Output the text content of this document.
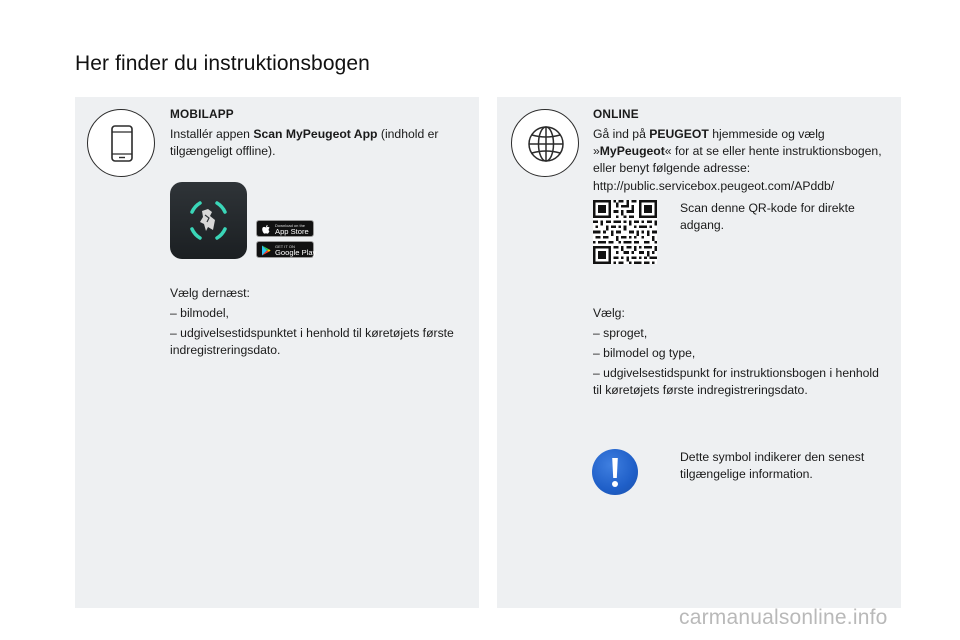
Her finder du instruktionsbogen
MOBILAPP
Installér appen Scan MyPeugeot App (indhold er tilgængeligt offline).
Download on the
App Store
GET IT ON
Google Play
Vælg dernæst:
– bilmodel,
– udgivelsestidspunktet i henhold til køretøjets første indregistreringsdato.
ONLINE
Gå ind på PEUGEOT hjemmeside og vælg »MyPeugeot« for at se eller hente instruktionsbogen, eller benyt følgende adresse:
http://public.servicebox.peugeot.com/APddb/
Scan denne QR-kode for direkte adgang.
Vælg:
– sproget,
– bilmodel og type,
– udgivelsestidspunkt for instruktionsbogen i henhold til køretøjets første indregistreringsdato.
Dette symbol indikerer den senest tilgængelige information.
carmanualsonline.info
